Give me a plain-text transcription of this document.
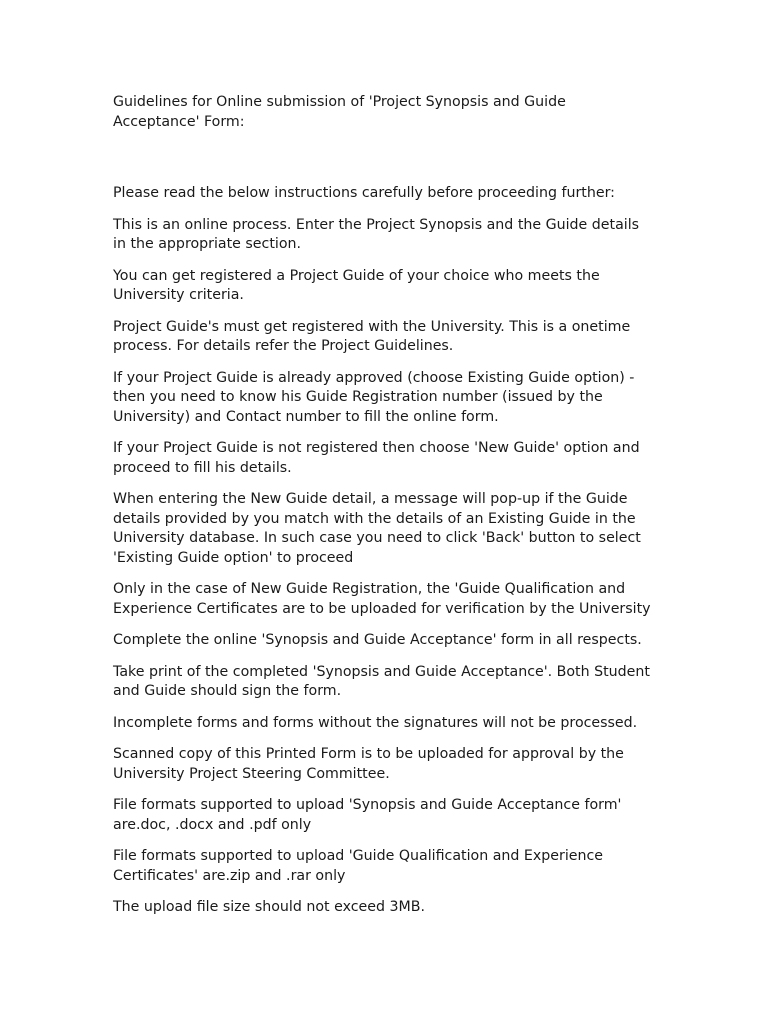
Guidelines for Online submission of 'Project Synopsis and Guide Acceptance' Form:

Please read the below instructions carefully before proceeding further:

This is an online process. Enter the Project Synopsis and the Guide details in the appropriate section.

You can get registered a Project Guide of your choice who meets the University criteria.

Project Guide's must get registered with the University. This is a onetime process. For details refer the Project Guidelines.

If your Project Guide is already approved (choose Existing Guide option) - then you need to know his Guide Registration number (issued by the University) and Contact number to fill the online form.

If your Project Guide is not registered then choose 'New Guide' option and proceed to fill his details.

When entering the New Guide detail, a message will pop-up if the Guide details provided by you match with the details of an Existing Guide in the University database. In such case you need to click 'Back' button to select 'Existing Guide option' to proceed

Only in the case of New Guide Registration, the 'Guide Qualification and Experience Certificates are to be uploaded for verification by the University

Complete the online 'Synopsis and Guide Acceptance' form in all respects.

Take print of the completed 'Synopsis and Guide Acceptance'. Both Student and Guide should sign the form.

Incomplete forms and forms without the signatures will not be processed.

Scanned copy of this Printed Form is to be uploaded for approval by the University Project Steering Committee.

File formats supported to upload 'Synopsis and Guide Acceptance form' are.doc, .docx and .pdf only

File formats supported to upload 'Guide Qualification and Experience Certificates' are.zip and .rar only

The upload file size should not exceed 3MB.
